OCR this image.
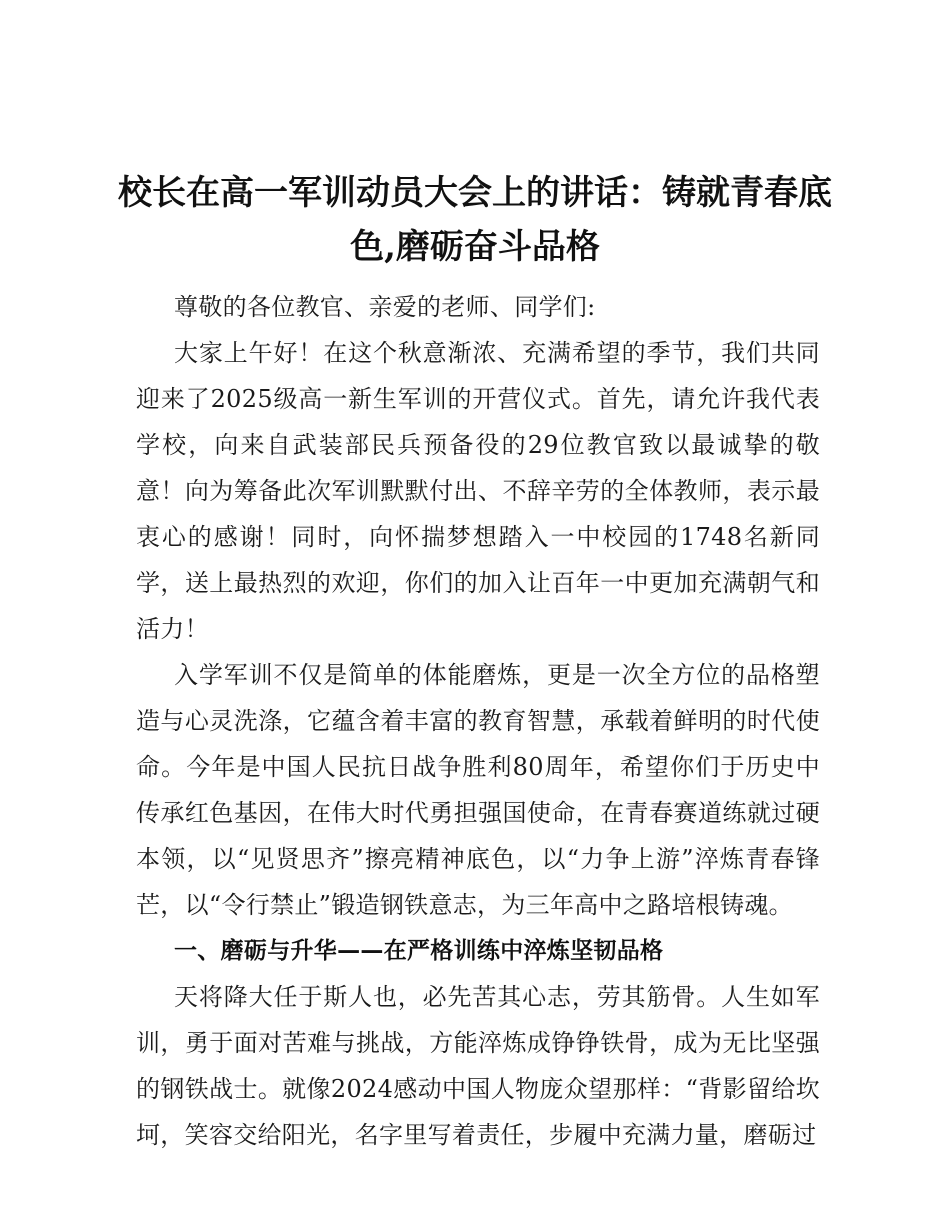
校长在高一军训动员大会上的讲话：铸就青春底色,磨砺奋斗品格

尊敬的各位教官、亲爱的老师、同学们:

大家上午好！在这个秋意渐浓、充满希望的季节，我们共同迎来了2025级高一新生军训的开营仪式。首先，请允许我代表学校，向来自武装部民兵预备役的29位教官致以最诚挚的敬意！向为筹备此次军训默默付出、不辞辛劳的全体教师，表示最衷心的感谢！同时，向怀揣梦想踏入一中校园的1748名新同学，送上最热烈的欢迎，你们的加入让百年一中更加充满朝气和活力！

入学军训不仅是简单的体能磨炼，更是一次全方位的品格塑造与心灵洗涤，它蕴含着丰富的教育智慧，承载着鲜明的时代使命。今年是中国人民抗日战争胜利80周年，希望你们于历史中传承红色基因，在伟大时代勇担强国使命，在青春赛道练就过硬本领，以“见贤思齐”擦亮精神底色，以“力争上游”淬炼青春锋芒，以“令行禁止”锻造钢铁意志，为三年高中之路培根铸魂。

一、磨砺与升华——在严格训练中淬炼坚韧品格

天将降大任于斯人也，必先苦其心志，劳其筋骨。人生如军训，勇于面对苦难与挑战，方能淬炼成铮铮铁骨，成为无比坚强的钢铁战士。就像2024感动中国人物庞众望那样：“背影留给坎坷，笑容交给阳光，名字里写着责任，步履中充满力量，磨砺过
